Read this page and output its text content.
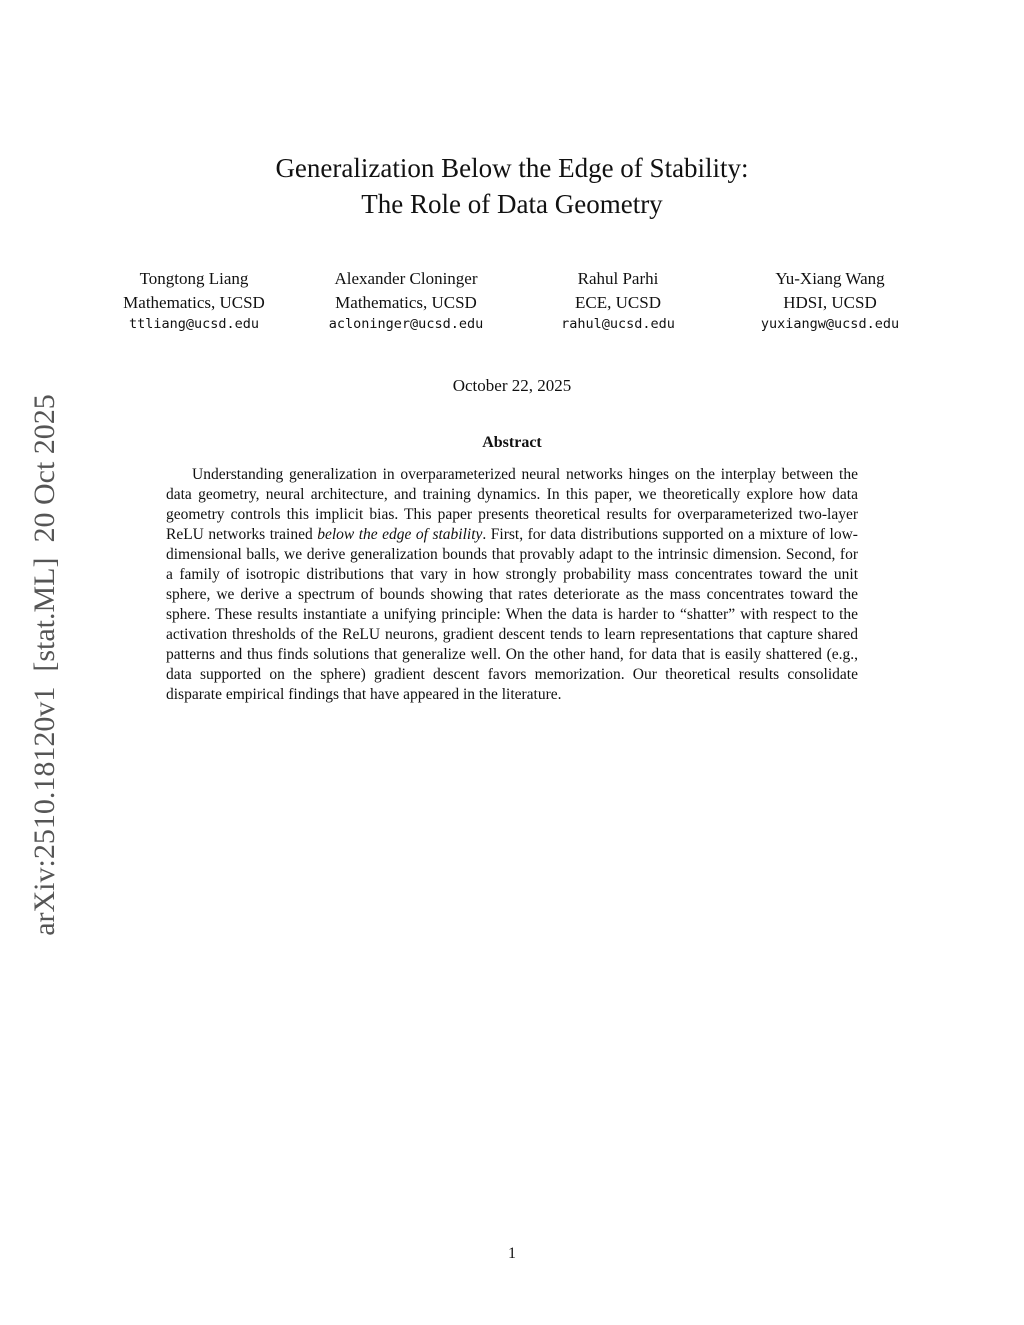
arXiv:2510.18120v1  [stat.ML]  20 Oct 2025
Generalization Below the Edge of Stability:
The Role of Data Geometry
Tongtong Liang
Mathematics, UCSD
ttliang@ucsd.edu
Alexander Cloninger
Mathematics, UCSD
acloninger@ucsd.edu
Rahul Parhi
ECE, UCSD
rahul@ucsd.edu
Yu-Xiang Wang
HDSI, UCSD
yuxiangw@ucsd.edu
October 22, 2025
Abstract

Understanding generalization in overparameterized neural networks hinges on the interplay between the data geometry, neural architecture, and training dynamics. In this paper, we theoretically explore how data geometry controls this implicit bias. This paper presents theoretical results for overparameterized two-layer ReLU networks trained below the edge of stability. First, for data distributions supported on a mixture of low-dimensional balls, we derive generalization bounds that provably adapt to the intrinsic dimension. Second, for a family of isotropic distributions that vary in how strongly probability mass concentrates toward the unit sphere, we derive a spectrum of bounds showing that rates deteriorate as the mass concentrates toward the sphere. These results instantiate a unifying principle: When the data is harder to “shatter” with respect to the activation thresholds of the ReLU neurons, gradient descent tends to learn representations that capture shared patterns and thus finds solutions that generalize well. On the other hand, for data that is easily shattered (e.g., data supported on the sphere) gradient descent favors memorization. Our theoretical results consolidate disparate empirical findings that have appeared in the literature.

1
